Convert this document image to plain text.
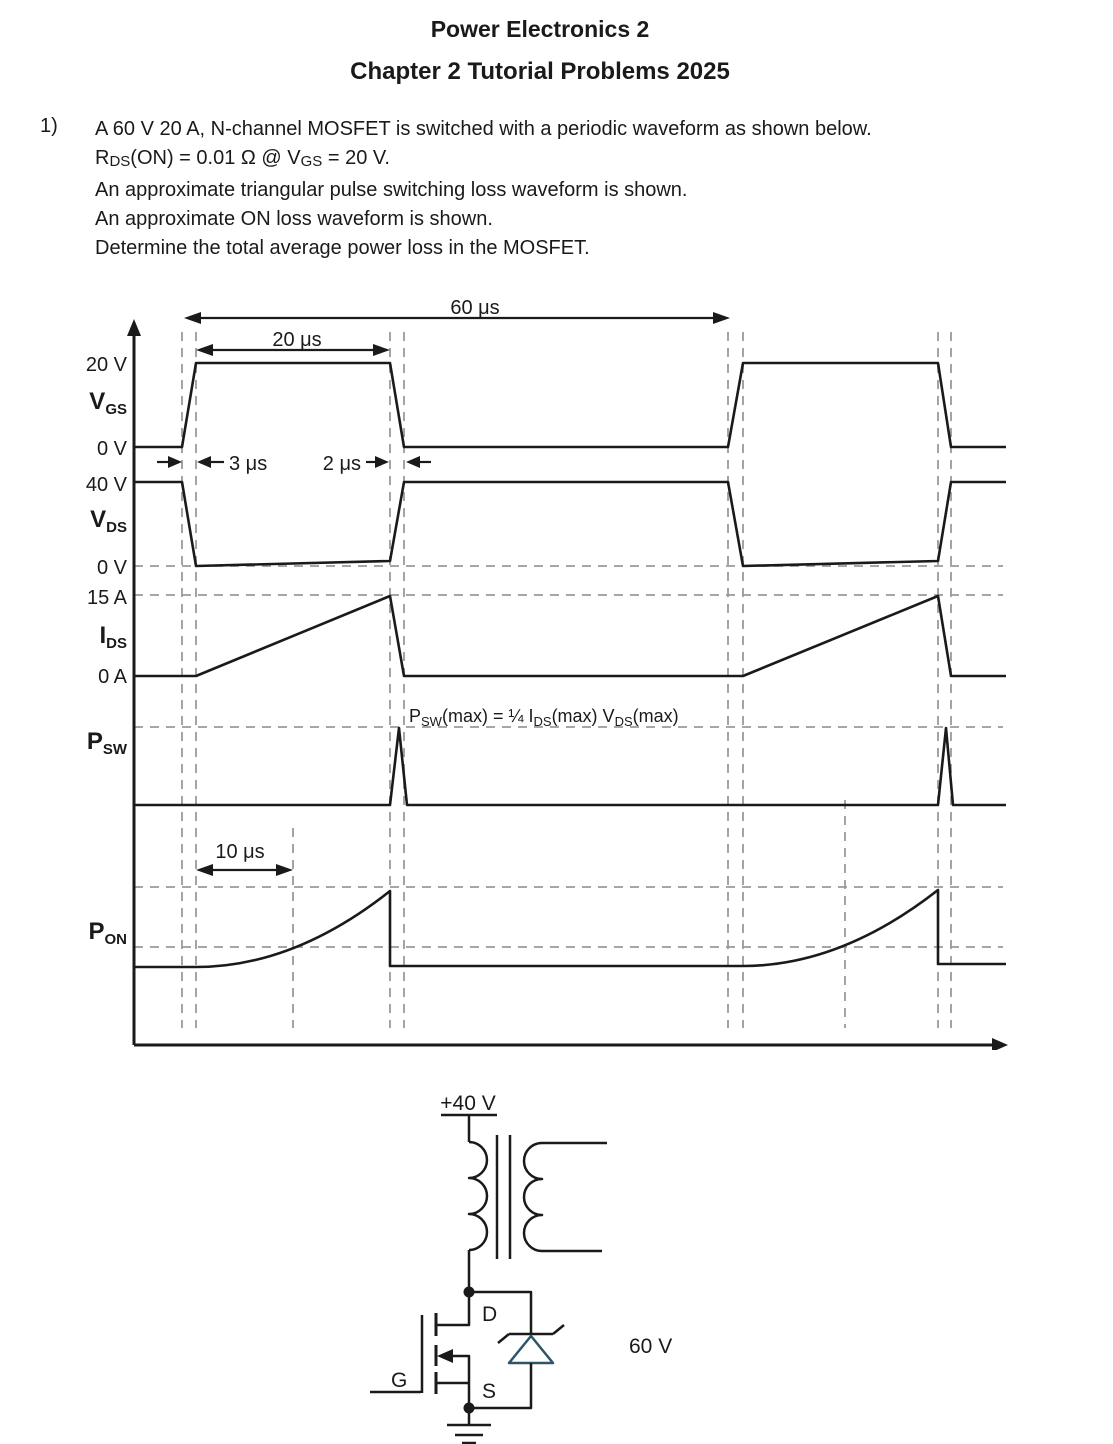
Power Electronics 2
Chapter 2 Tutorial Problems 2025
1) A 60 V 20 A, N-channel MOSFET is switched with a periodic waveform as shown below.
RDS(ON) = 0.01 Ω @ VGS = 20 V.
An approximate triangular pulse switching loss waveform is shown.
An approximate ON loss waveform is shown.
Determine the total average power loss in the MOSFET.
60 μs
20 μs
3 μs	2 μs
10 μs
20 V
$V_{GS}$
0 V
40 V
$V_{DS}$
0 V
15 A
$I_{DS}$
0 A
$P_{SW}$
$P_{ON}$
$P_{SW}(\max)$ = ¼ $I_{DS}(\max)$ $V_{DS}(\max)$
+40 V
60 V
D
S
G
